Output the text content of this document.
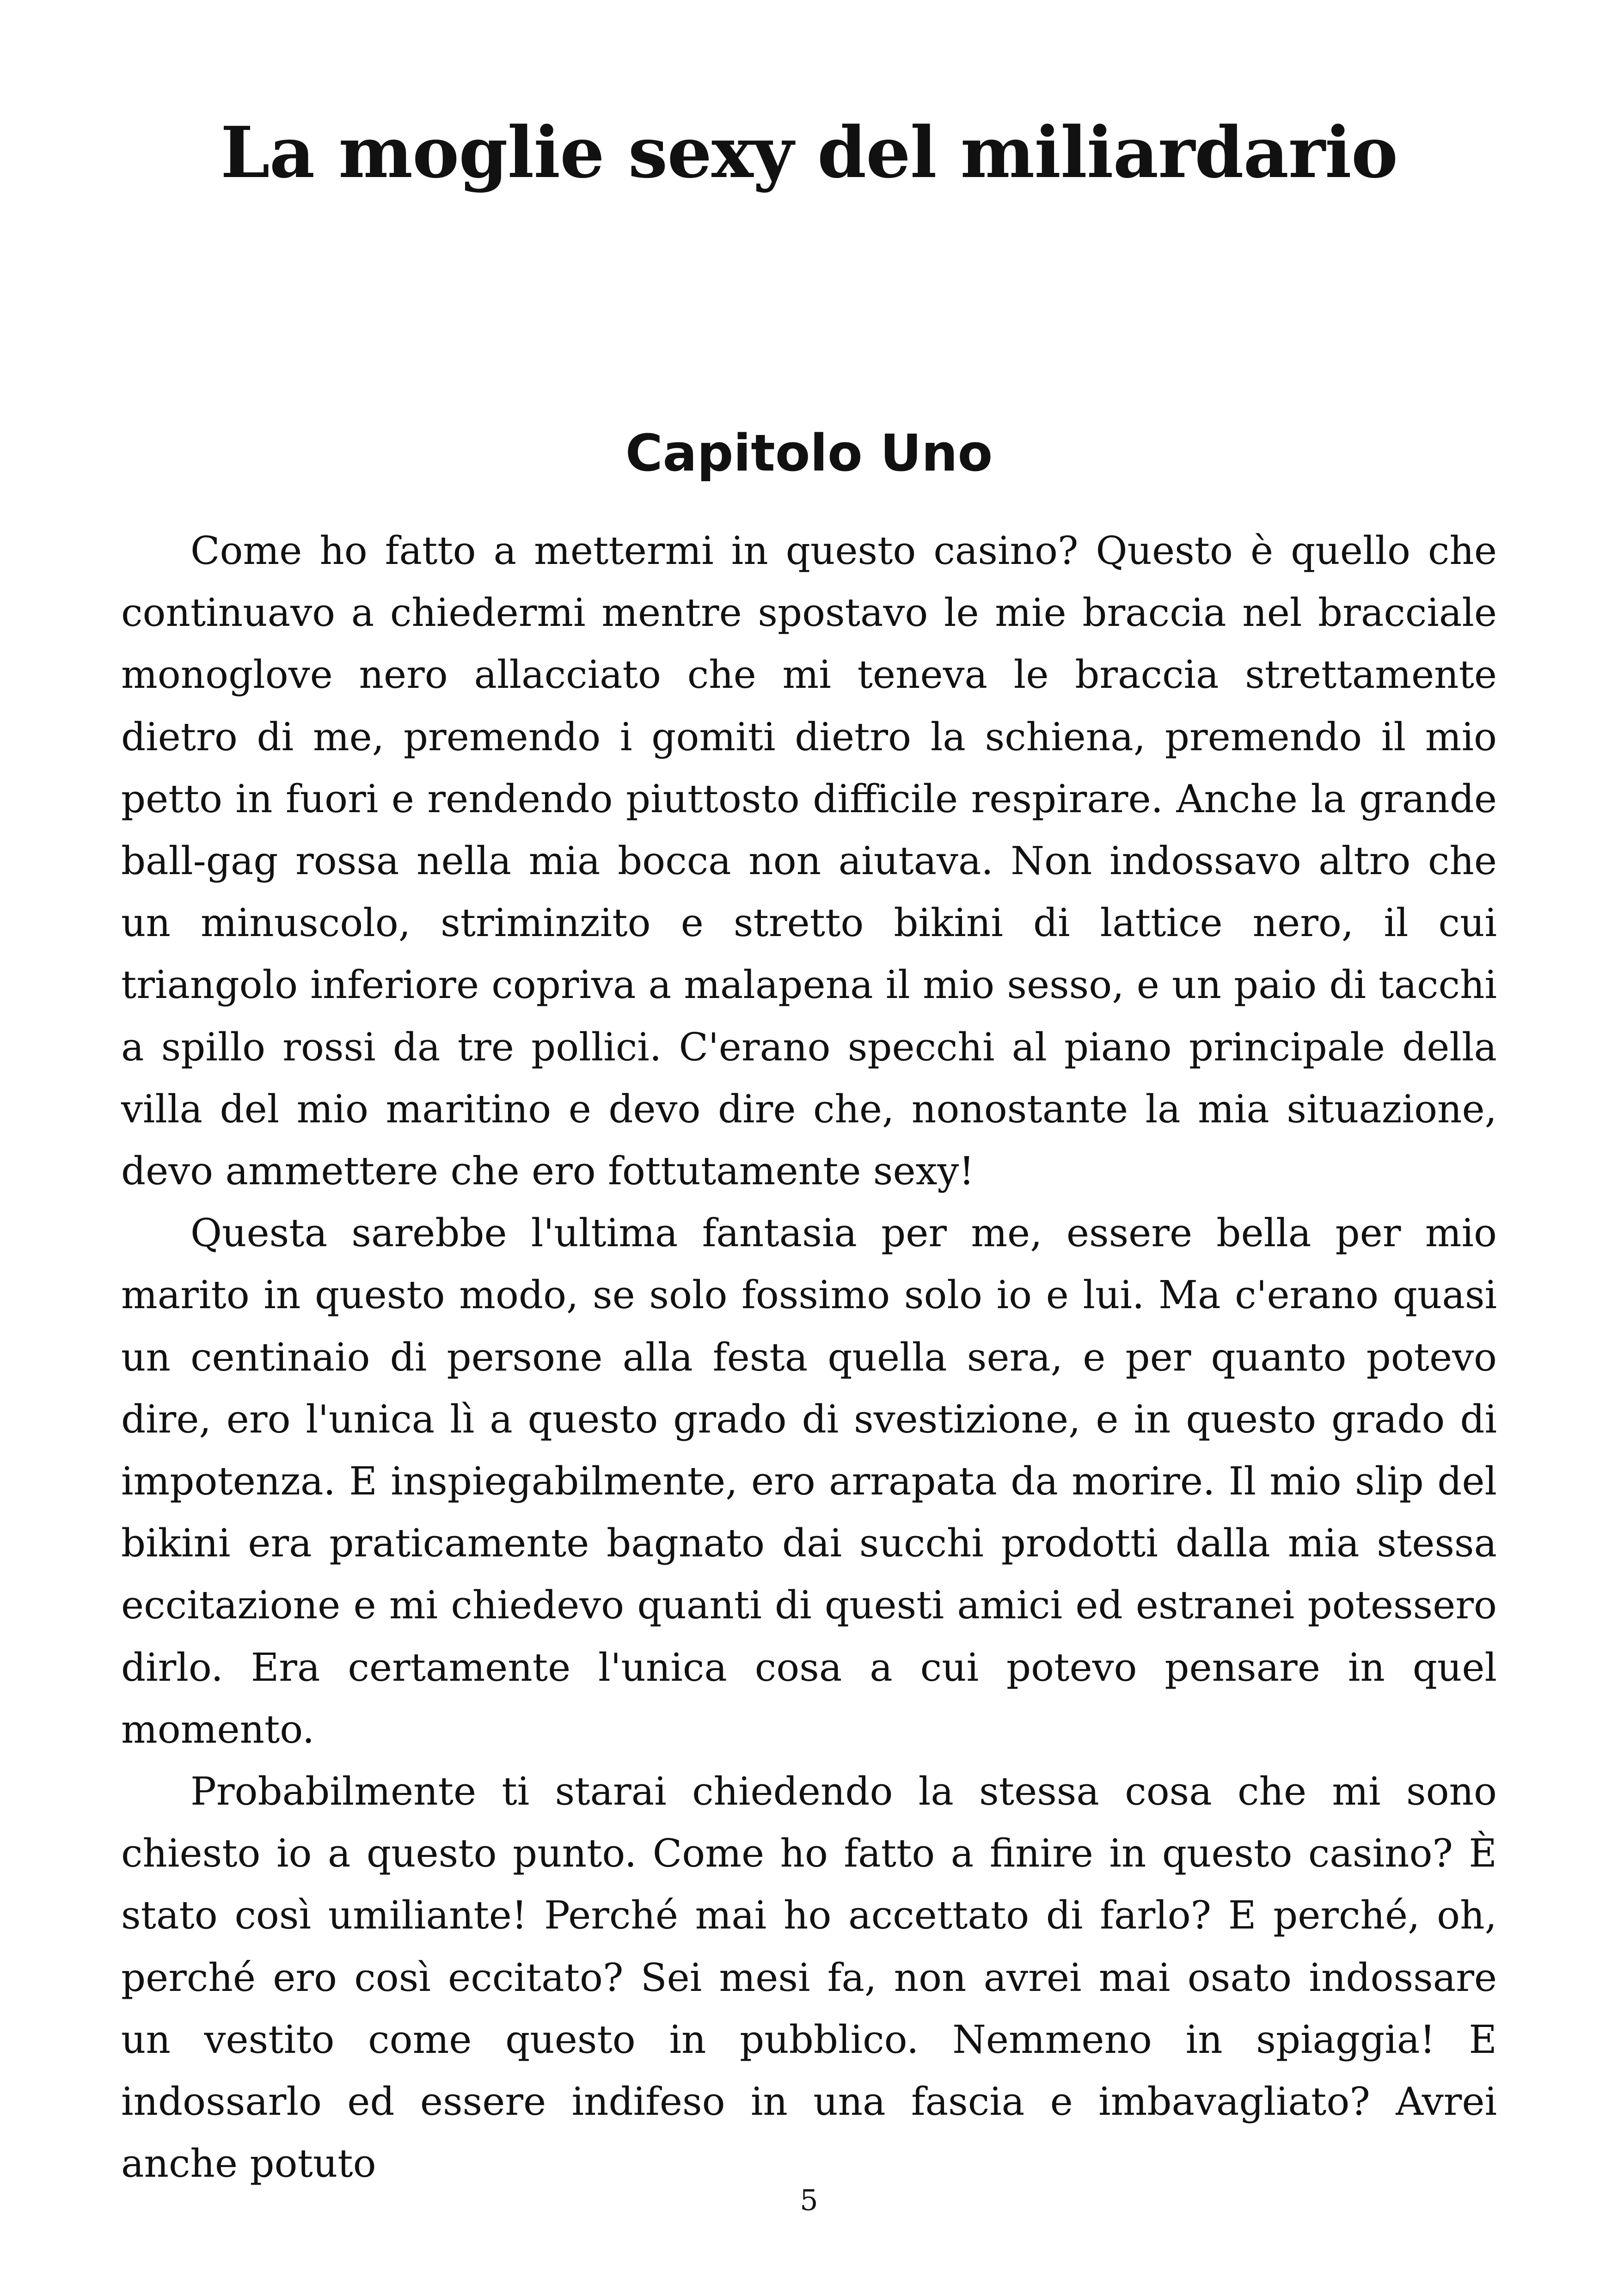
La moglie sexy del miliardario
Capitolo Uno

Come ho fatto a mettermi in questo casino? Questo è quello che continuavo a chiedermi mentre spostavo le mie braccia nel bracciale monoglove nero allacciato che mi teneva le braccia strettamente dietro di me, premendo i gomiti dietro la schiena, premendo il mio petto in fuori e rendendo piuttosto difficile respirare. Anche la grande ball-gag rossa nella mia bocca non aiutava. Non indossavo altro che un minuscolo, striminzito e stretto bikini di lattice nero, il cui triangolo inferiore copriva a malapena il mio sesso, e un paio di tacchi a spillo rossi da tre pollici. C'erano specchi al piano principale della villa del mio maritino e devo dire che, nonostante la mia situazione, devo ammettere che ero fottutamente sexy!

Questa sarebbe l'ultima fantasia per me, essere bella per mio marito in questo modo, se solo fossimo solo io e lui. Ma c'erano quasi un centinaio di persone alla festa quella sera, e per quanto potevo dire, ero l'unica lì a questo grado di svestizione, e in questo grado di impotenza. E inspiegabilmente, ero arrapata da morire. Il mio slip del bikini era praticamente bagnato dai succhi prodotti dalla mia stessa eccitazione e mi chiedevo quanti di questi amici ed estranei potessero dirlo. Era certamente l'unica cosa a cui potevo pensare in quel momento.

Probabilmente ti starai chiedendo la stessa cosa che mi sono chiesto io a questo punto. Come ho fatto a finire in questo casino? È stato così umiliante! Perché mai ho accettato di farlo? E perché, oh, perché ero così eccitato? Sei mesi fa, non avrei mai osato indossare un vestito come questo in pubblico. Nemmeno in spiaggia! E indossarlo ed essere indifeso in una fascia e imbavagliato? Avrei anche potuto

5
